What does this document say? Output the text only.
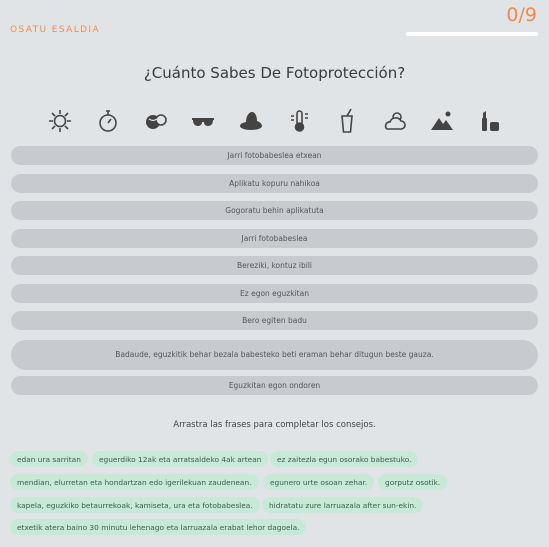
OSATU ESALDIA
0/9
¿Cuánto Sabes De Fotoprotección?
Jarri fotobabeslea etxean
Aplikatu kopuru nahikoa
Gogoratu behin aplikatuta
Jarri fotobabeslea
Bereziki, kontuz ibili
Ez egon eguzkitan
Bero egiten badu
Badaude, eguzkitik behar bezala babesteko beti eraman behar ditugun beste gauza.
Eguzkitan egon ondoren
Arrastra las frases para completar los consejos.
edan ura sarritan	eguerdiko 12ak eta arratsaldeko 4ak artean	ez zaitezla egun osorako babestuko.
mendian, elurretan eta hondartzan edo igerilekuan zaudenean.	egunero urte osoan zehar.	gorputz osotik.
kapela, eguzkiko betaurrekoak, kamiseta, ura eta fotobabeslea.	hidratatu zure larruazala after sun-ekin.
etxetik atera baino 30 minutu lehenago eta larruazala erabat lehor dagoela.
